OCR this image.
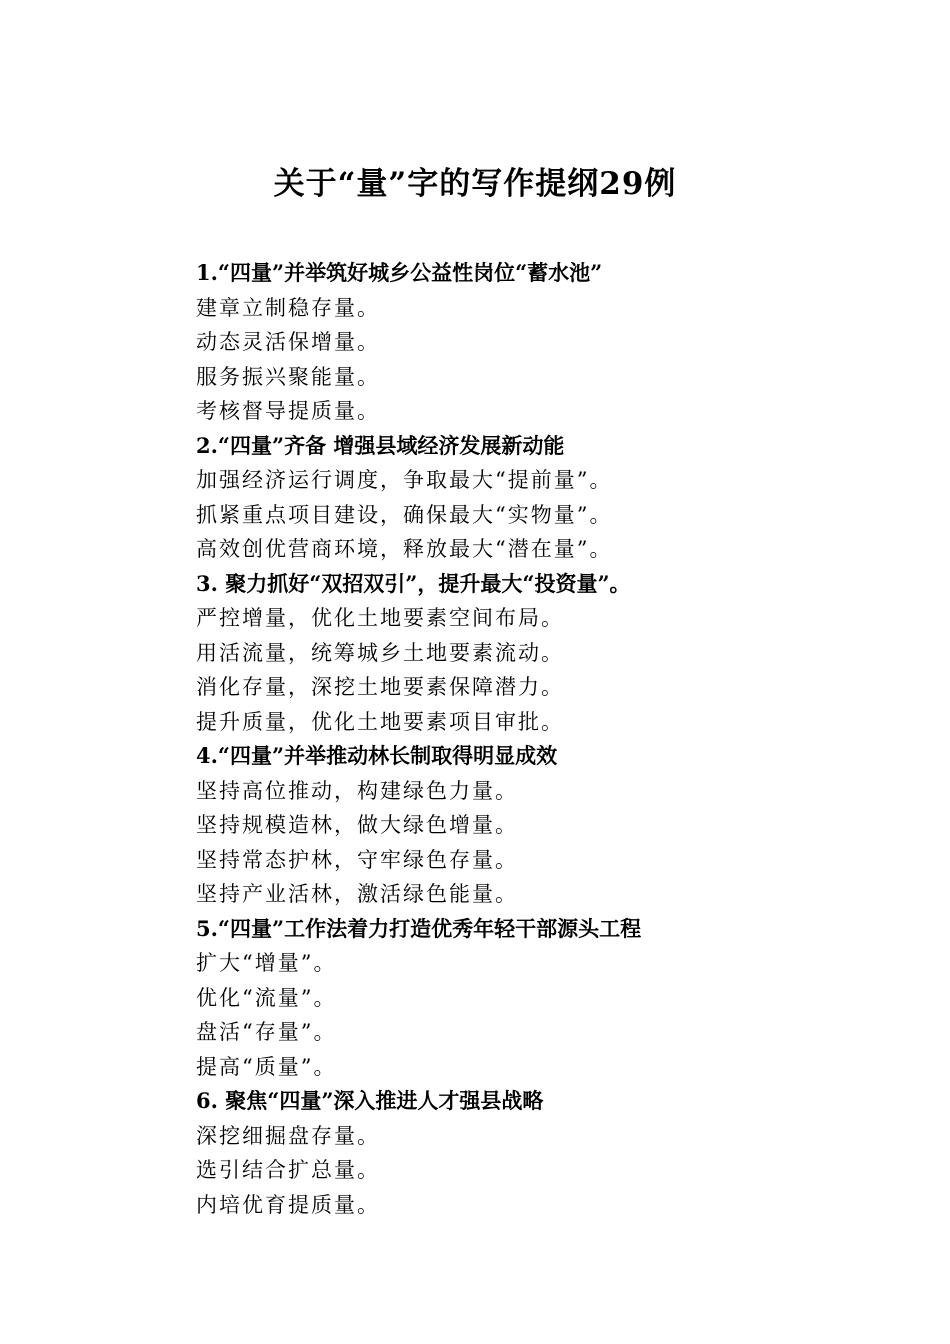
关于“量”字的写作提纲29例
1.“四量”并举筑好城乡公益性岗位“蓄水池”
建章立制稳存量。
动态灵活保增量。
服务振兴聚能量。
考核督导提质量。
2.“四量”齐备 增强县域经济发展新动能
加强经济运行调度，争取最大“提前量”。
抓紧重点项目建设，确保最大“实物量”。
高效创优营商环境，释放最大“潜在量”。
3. 聚力抓好“双招双引”，提升最大“投资量”。
严控增量，优化土地要素空间布局。
用活流量，统筹城乡土地要素流动。
消化存量，深挖土地要素保障潜力。
提升质量，优化土地要素项目审批。
4.“四量”并举推动林长制取得明显成效
坚持高位推动，构建绿色力量。
坚持规模造林，做大绿色增量。
坚持常态护林，守牢绿色存量。
坚持产业活林，激活绿色能量。
5.“四量”工作法着力打造优秀年轻干部源头工程
扩大“增量”。
优化“流量”。
盘活“存量”。
提高“质量”。
6. 聚焦“四量”深入推进人才强县战略
深挖细掘盘存量。
选引结合扩总量。
内培优育提质量。
